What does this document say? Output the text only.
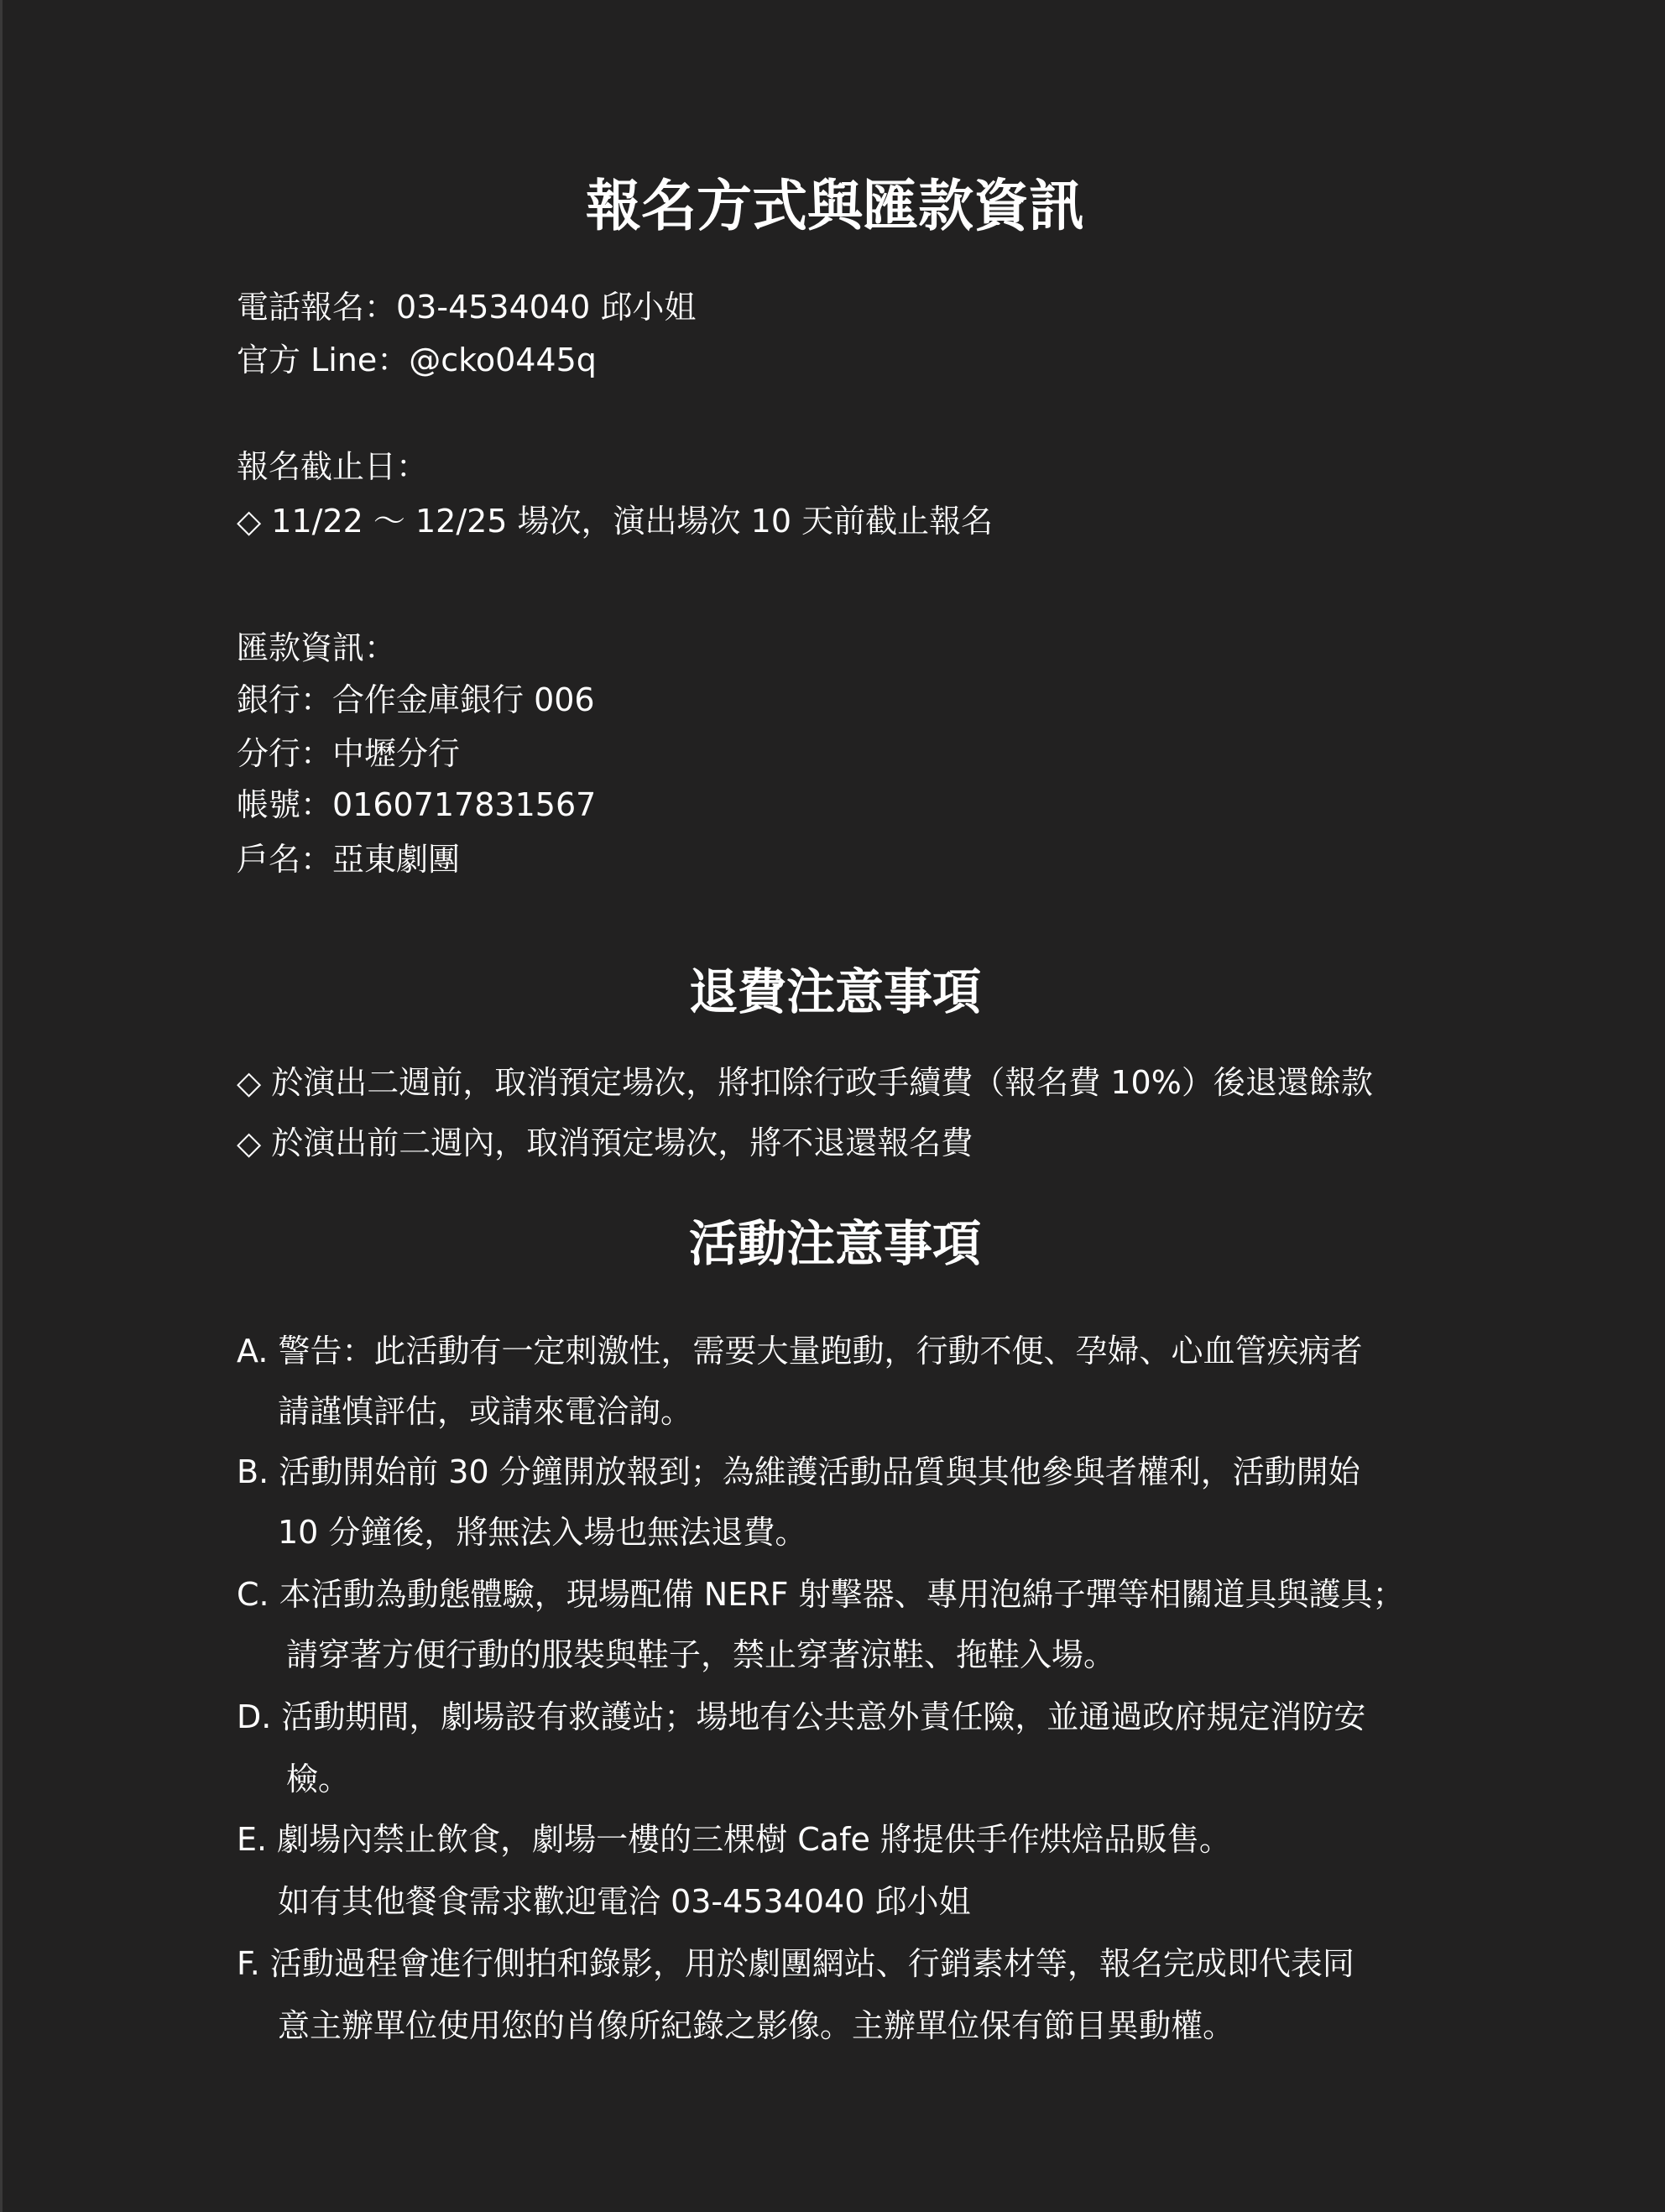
報名方式與匯款資訊

電話報名：03-4534040 邱小姐

官方 Line：@cko0445q

報名截止日：

◇ 11/22 ～ 12/25 場次，演出場次 10 天前截止報名

匯款資訊：

銀行：合作金庫銀行 006

分行：中壢分行

帳號：0160717831567

戶名：亞東劇團

退費注意事項

◇ 於演出二週前，取消預定場次，將扣除行政手續費（報名費 10%）後退還餘款

◇ 於演出前二週內，取消預定場次，將不退還報名費

活動注意事項

A. 警告：此活動有一定刺激性，需要大量跑動，行動不便、孕婦、心血管疾病者

請謹慎評估，或請來電洽詢。

B. 活動開始前 30 分鐘開放報到；為維護活動品質與其他參與者權利，活動開始

10 分鐘後，將無法入場也無法退費。

C. 本活動為動態體驗，現場配備 NERF 射擊器、專用泡綿子彈等相關道具與護具；

請穿著方便行動的服裝與鞋子，禁止穿著涼鞋、拖鞋入場。

D. 活動期間，劇場設有救護站；場地有公共意外責任險，並通過政府規定消防安

檢。

E. 劇場內禁止飲食，劇場一樓的三棵樹 Cafe 將提供手作烘焙品販售。

如有其他餐食需求歡迎電洽 03-4534040 邱小姐

F. 活動過程會進行側拍和錄影，用於劇團網站、行銷素材等，報名完成即代表同

意主辦單位使用您的肖像所紀錄之影像。主辦單位保有節目異動權。
